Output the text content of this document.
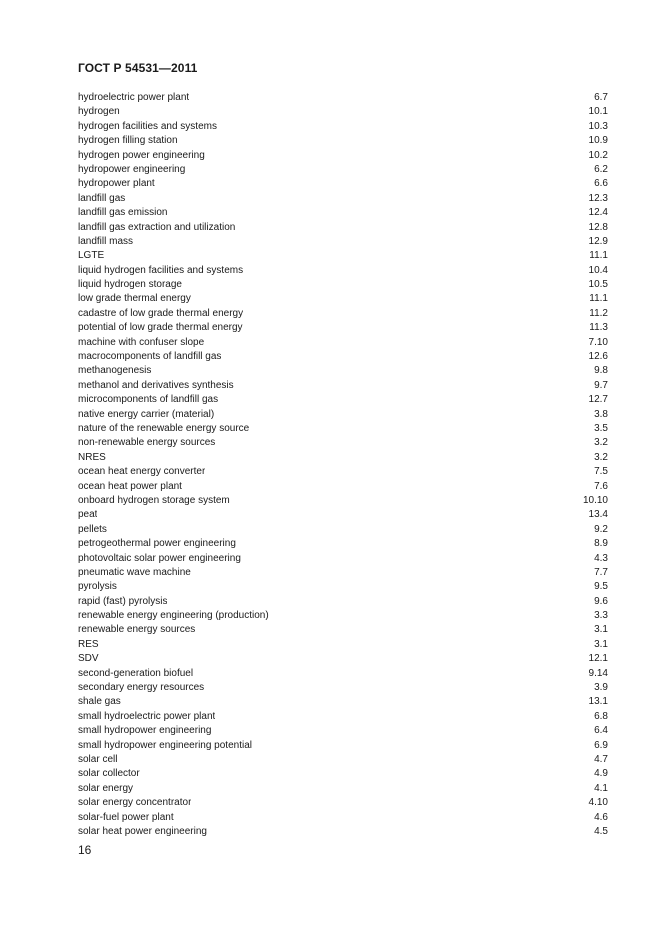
ГОСТ Р 54531—2011
hydroelectric power plant	6.7
hydrogen	10.1
hydrogen facilities and systems	10.3
hydrogen filling station	10.9
hydrogen power engineering	10.2
hydropower engineering	6.2
hydropower plant	6.6
landfill gas	12.3
landfill gas emission	12.4
landfill gas extraction and utilization	12.8
landfill mass	12.9
LGTE	11.1
liquid hydrogen facilities and systems	10.4
liquid hydrogen storage	10.5
low grade thermal energy	11.1
cadastre of low grade thermal energy	11.2
potential of low grade thermal energy	11.3
machine with confuser slope	7.10
macrocomponents of landfill gas	12.6
methanogenesis	9.8
methanol and derivatives synthesis	9.7
microcomponents of landfill gas	12.7
native energy carrier (material)	3.8
nature of the renewable energy source	3.5
non-renewable energy sources	3.2
NRES	3.2
ocean heat energy converter	7.5
ocean heat power plant	7.6
onboard hydrogen storage system	10.10
peat	13.4
pellets	9.2
petrogeothermal power engineering	8.9
photovoltaic solar power engineering	4.3
pneumatic wave machine	7.7
pyrolysis	9.5
rapid (fast) pyrolysis	9.6
renewable energy engineering (production)	3.3
renewable energy sources	3.1
RES	3.1
SDV	12.1
second-generation biofuel	9.14
secondary energy resources	3.9
shale gas	13.1
small hydroelectric power plant	6.8
small hydropower engineering	6.4
small hydropower engineering potential	6.9
solar cell	4.7
solar collector	4.9
solar energy	4.1
solar energy concentrator	4.10
solar-fuel power plant	4.6
solar heat power engineering	4.5
16
